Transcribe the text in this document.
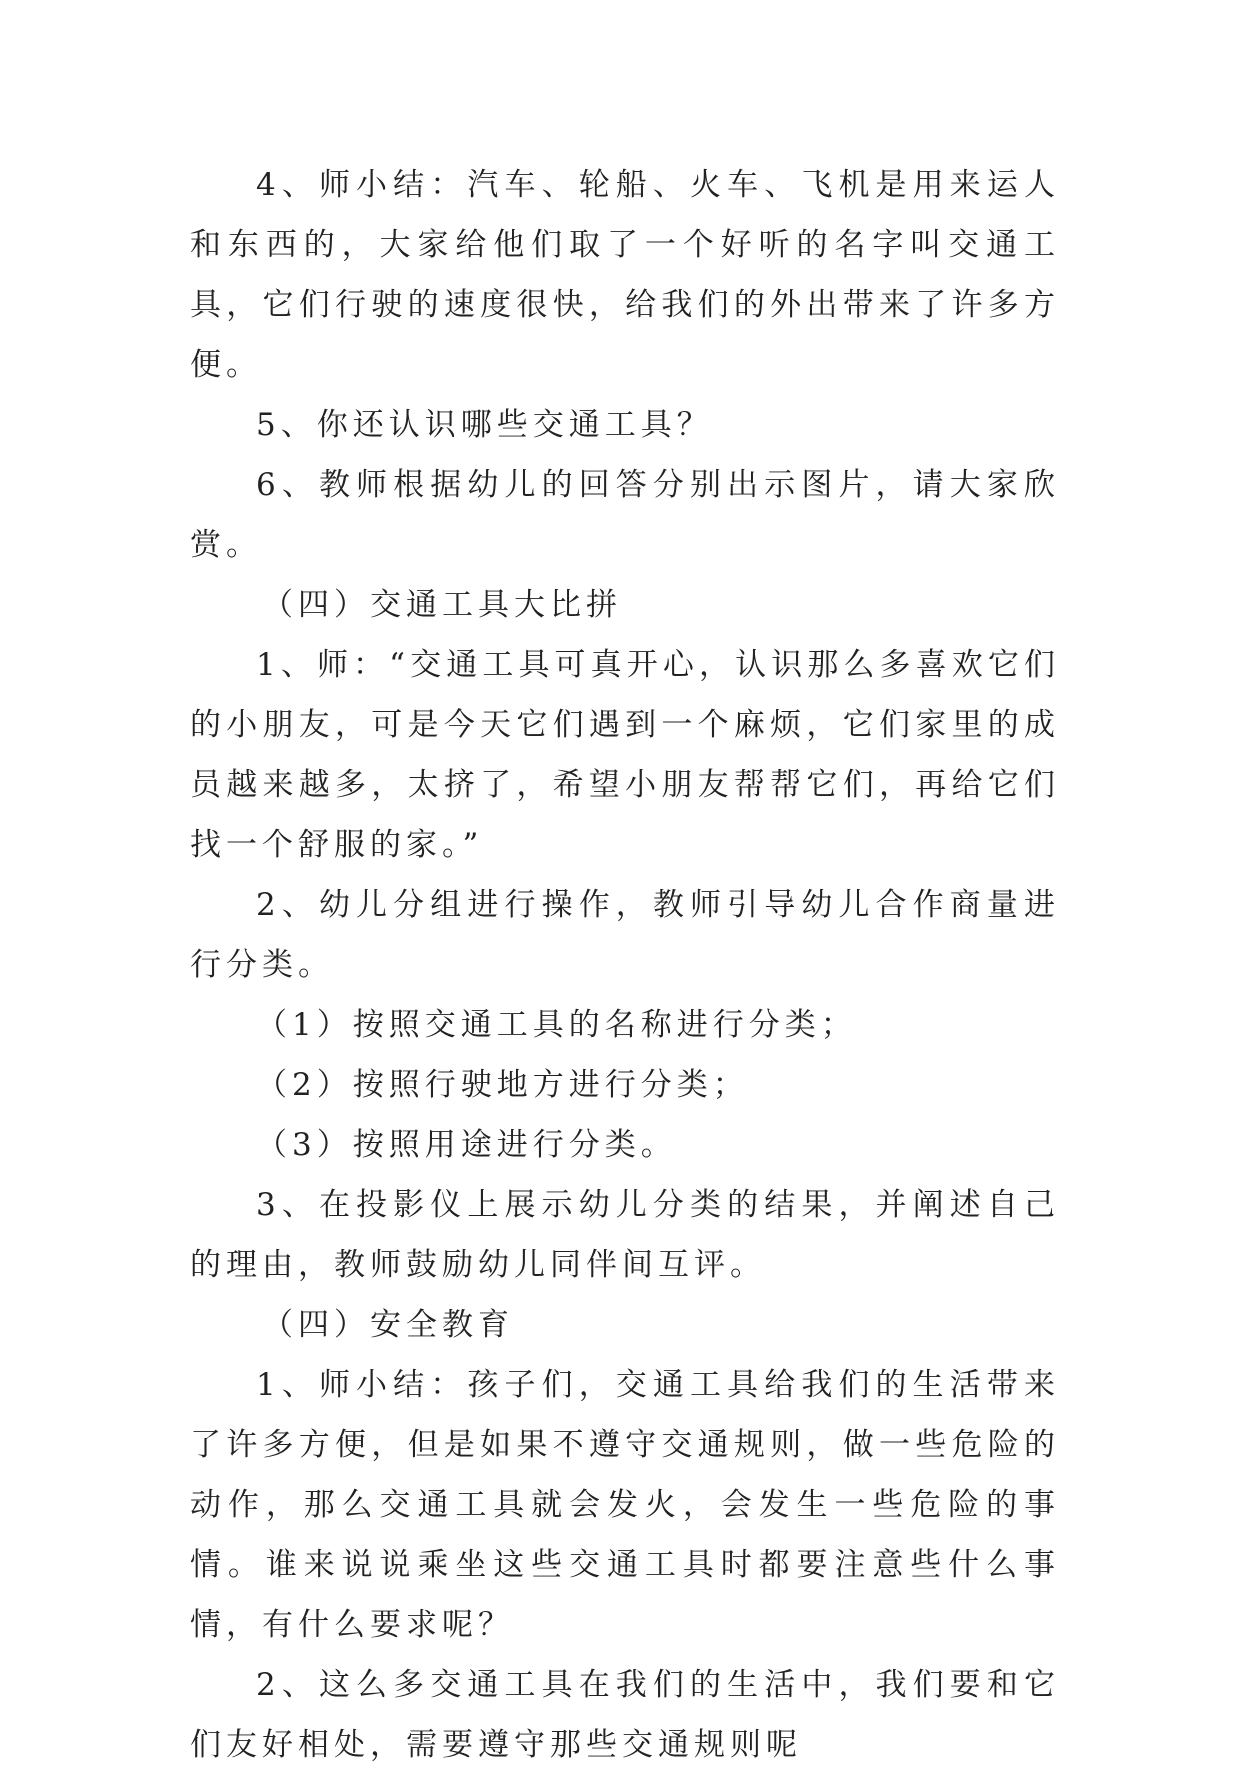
4、师小结：汽车、轮船、火车、飞机是用来运人和东西的，大家给他们取了一个好听的名字叫交通工具，它们行驶的速度很快，给我们的外出带来了许多方便。

5、你还认识哪些交通工具？

6、教师根据幼儿的回答分别出示图片，请大家欣赏。

（四）交通工具大比拼

1、师：“交通工具可真开心，认识那么多喜欢它们的小朋友，可是今天它们遇到一个麻烦，它们家里的成员越来越多，太挤了，希望小朋友帮帮它们，再给它们找一个舒服的家。”

2、幼儿分组进行操作，教师引导幼儿合作商量进行分类。

（1）按照交通工具的名称进行分类；

（2）按照行驶地方进行分类；

（3）按照用途进行分类。

3、在投影仪上展示幼儿分类的结果，并阐述自己的理由，教师鼓励幼儿同伴间互评。

（四）安全教育

1、师小结：孩子们，交通工具给我们的生活带来了许多方便，但是如果不遵守交通规则，做一些危险的动作，那么交通工具就会发火，会发生一些危险的事情。谁来说说乘坐这些交通工具时都要注意些什么事情，有什么要求呢？

2、这么多交通工具在我们的生活中，我们要和它们友好相处，需要遵守那些交通规则呢
